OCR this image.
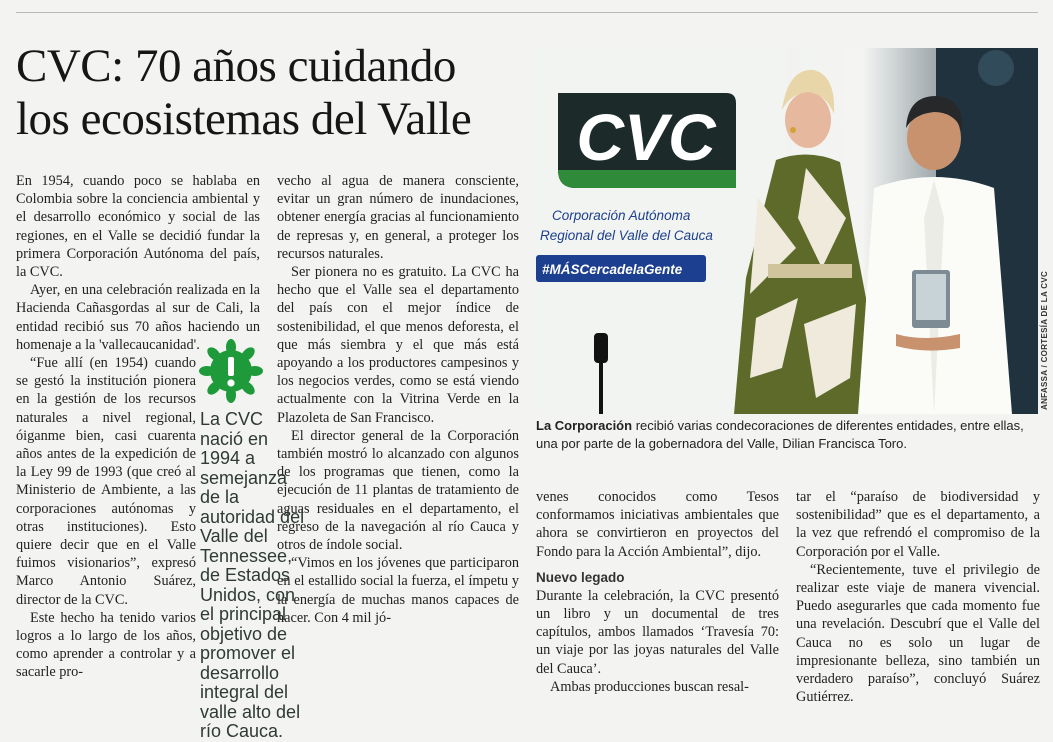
CVC: 70 años cuidando
los ecosistemas del Valle

En 1954, cuando poco se hablaba en Colombia sobre la conciencia ambiental y el desarrollo económico y social de las regiones, en el Valle se decidió fundar la primera Corporación Autónoma del país, la CVC.

Ayer, en una celebración realizada en la Hacienda Cañasgordas al sur de Cali, la entidad recibió sus 70 años haciendo un homenaje a la 'vallecaucanidad'.

“Fue allí (en 1954) cuando se gestó la institución pionera en la gestión de los recursos naturales a nivel regional, óiganme bien, casi cuarenta años antes de la expedición de la Ley 99 de 1993 (que creó al Ministerio de Ambiente, a las corporaciones autónomas y otras instituciones). Esto quiere decir que en el Valle fuimos visionarios”, expresó Marco Antonio Suárez, director de la CVC.

Este hecho ha tenido varios logros a lo largo de los años, como aprender a controlar y a sacarle pro-

vecho al agua de manera consciente, evitar un gran número de inundaciones, obtener energía gracias al funcionamiento de represas y, en general, a proteger los recursos naturales.

Ser pionera no es gratuito. La CVC ha hecho que el Valle sea el departamento del país con el mejor índice de sostenibilidad, el que menos deforesta, el que más siembra y el que más está apoyando a los productores campesinos y los negocios verdes, como se está viendo actualmente con la Vitrina Verde en la Plazoleta de San Francisco.

El director general de la Corporación también mostró lo alcanzado con algunos de los programas que tienen, como la ejecución de 11 plantas de tratamiento de aguas residuales en el departamento, el regreso de la navegación al río Cauca y otros de índole social.

“Vimos en los jóvenes que participaron en el estallido social la fuerza, el ímpetu y la energía de muchas manos capaces de hacer. Con 4 mil jó-

La CVC nació en 1994 a semejanza de la autoridad del Valle del Tennessee, de Estados Unidos, con el principal objetivo de promover el desarrollo integral del valle alto del río Cauca.
CVC
Corporación Autónoma
Regional del Valle del Cauca
#MÁSCercadelaGente
ANFASSA / CORTESÍA DE LA CVC
La Corporación recibió varias condecoraciones de diferentes entidades, entre ellas, una por parte de la gobernadora del Valle, Dilian Francisca Toro.

venes conocidos como Tesos conformamos iniciativas ambientales que ahora se convirtieron en proyectos del Fondo para la Acción Ambiental”, dijo.

Nuevo legado

Durante la celebración, la CVC presentó un libro y un documental de tres capítulos, ambos llamados ‘Travesía 70: un viaje por las joyas naturales del Valle del Cauca’.

Ambas producciones buscan resal-

tar el “paraíso de biodiversidad y sostenibilidad” que es el departamento, a la vez que refrendó el compromiso de la Corporación por el Valle.

“Recientemente, tuve el privilegio de realizar este viaje de manera vivencial. Puedo asegurarles que cada momento fue una revelación. Descubrí que el Valle del Cauca no es solo un lugar de impresionante belleza, sino también un verdadero paraíso”, concluyó Suárez Gutiérrez.
